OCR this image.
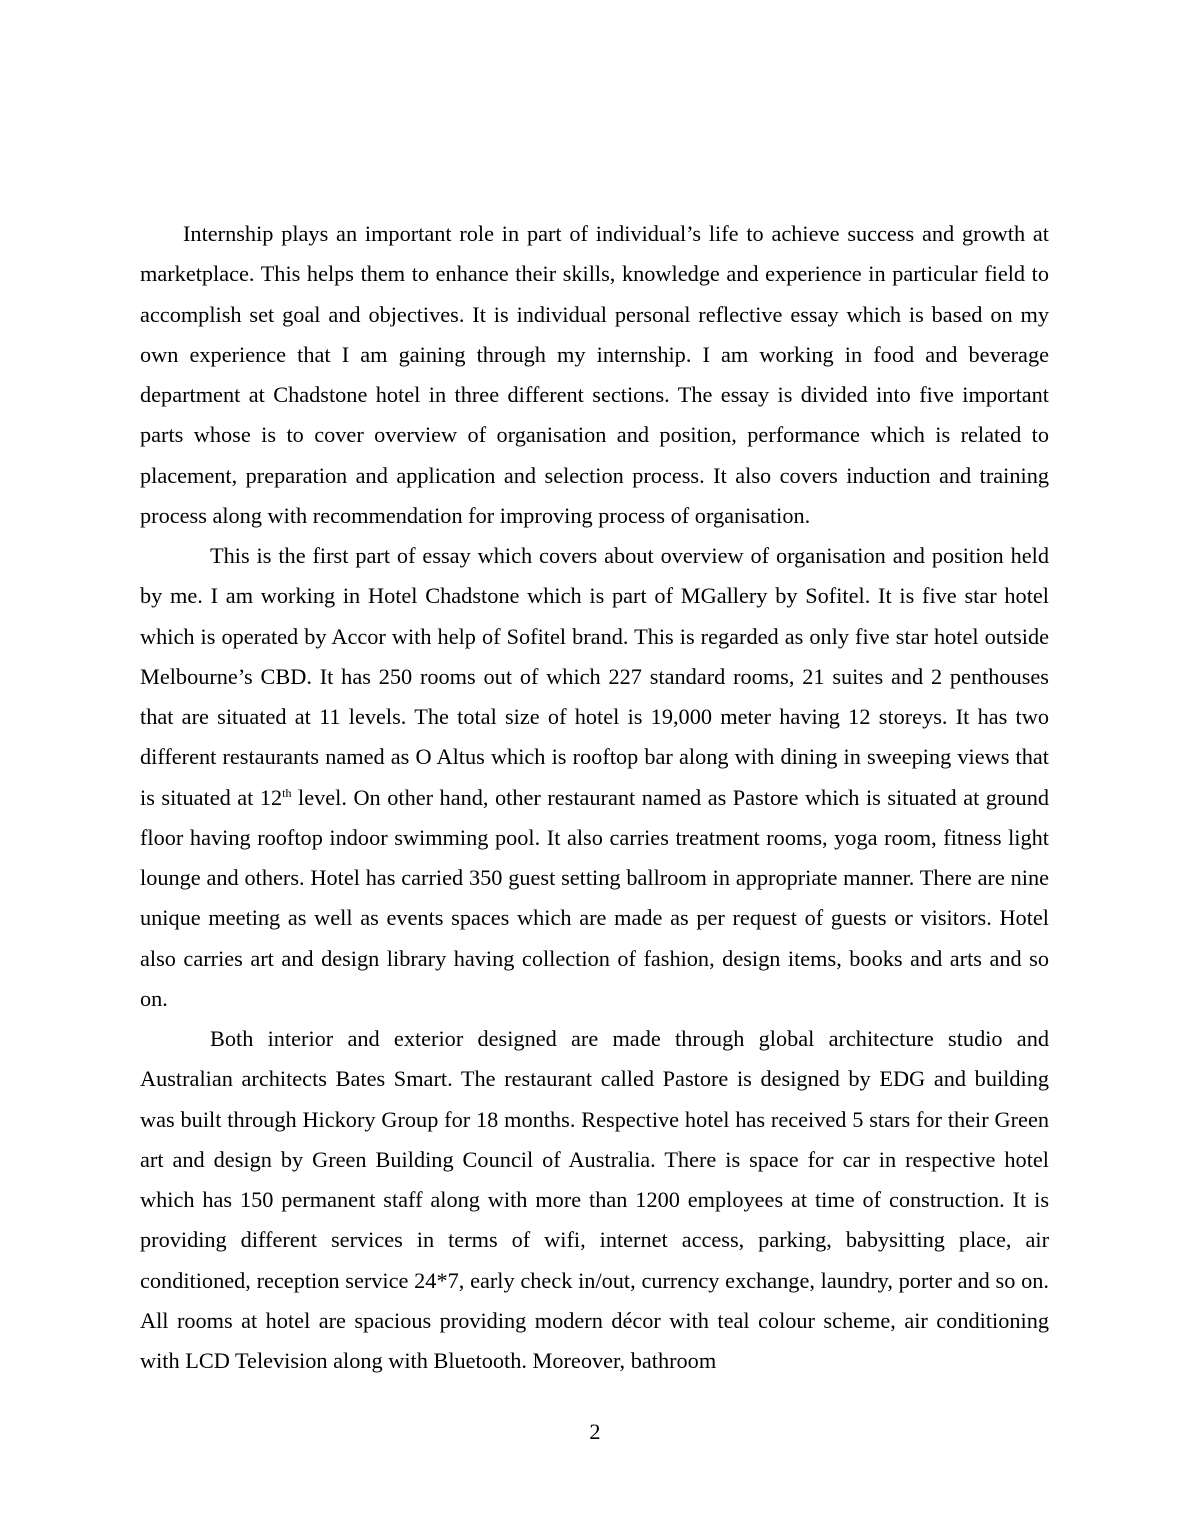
Internship plays an important role in part of individual’s life to achieve success and growth at marketplace. This helps them to enhance their skills, knowledge and experience in particular field to accomplish set goal and objectives. It is individual personal reflective essay which is based on my own experience that I am gaining through my internship. I am working in food and beverage department at Chadstone hotel in three different sections. The essay is divided into five important parts whose is to cover overview of organisation and position, performance which is related to placement, preparation and application and selection process. It also covers induction and training process along with recommendation for improving process of organisation.

This is the first part of essay which covers about overview of organisation and position held by me. I am working in Hotel Chadstone which is part of MGallery by Sofitel. It is five star hotel which is operated by Accor with help of Sofitel brand. This is regarded as only five star hotel outside Melbourne’s CBD. It has 250 rooms out of which 227 standard rooms, 21 suites and 2 penthouses that are situated at 11 levels. The total size of hotel is 19,000 meter having 12 storeys. It has two different restaurants named as O Altus which is rooftop bar along with dining in sweeping views that is situated at 12th level. On other hand, other restaurant named as Pastore which is situated at ground floor having rooftop indoor swimming pool. It also carries treatment rooms, yoga room, fitness light lounge and others. Hotel has carried 350 guest setting ballroom in appropriate manner. There are nine unique meeting as well as events spaces which are made as per request of guests or visitors. Hotel also carries art and design library having collection of fashion, design items, books and arts and so on.

Both interior and exterior designed are made through global architecture studio and Australian architects Bates Smart. The restaurant called Pastore is designed by EDG and building was built through Hickory Group for 18 months. Respective hotel has received 5 stars for their Green art and design by Green Building Council of Australia. There is space for car in respective hotel which has 150 permanent staff along with more than 1200 employees at time of construction. It is providing different services in terms of wifi, internet access, parking, babysitting place, air conditioned, reception service 24*7, early check in/out, currency exchange, laundry, porter and so on. All rooms at hotel are spacious providing modern décor with teal colour scheme, air conditioning with LCD Television along with Bluetooth. Moreover, bathroom

2
